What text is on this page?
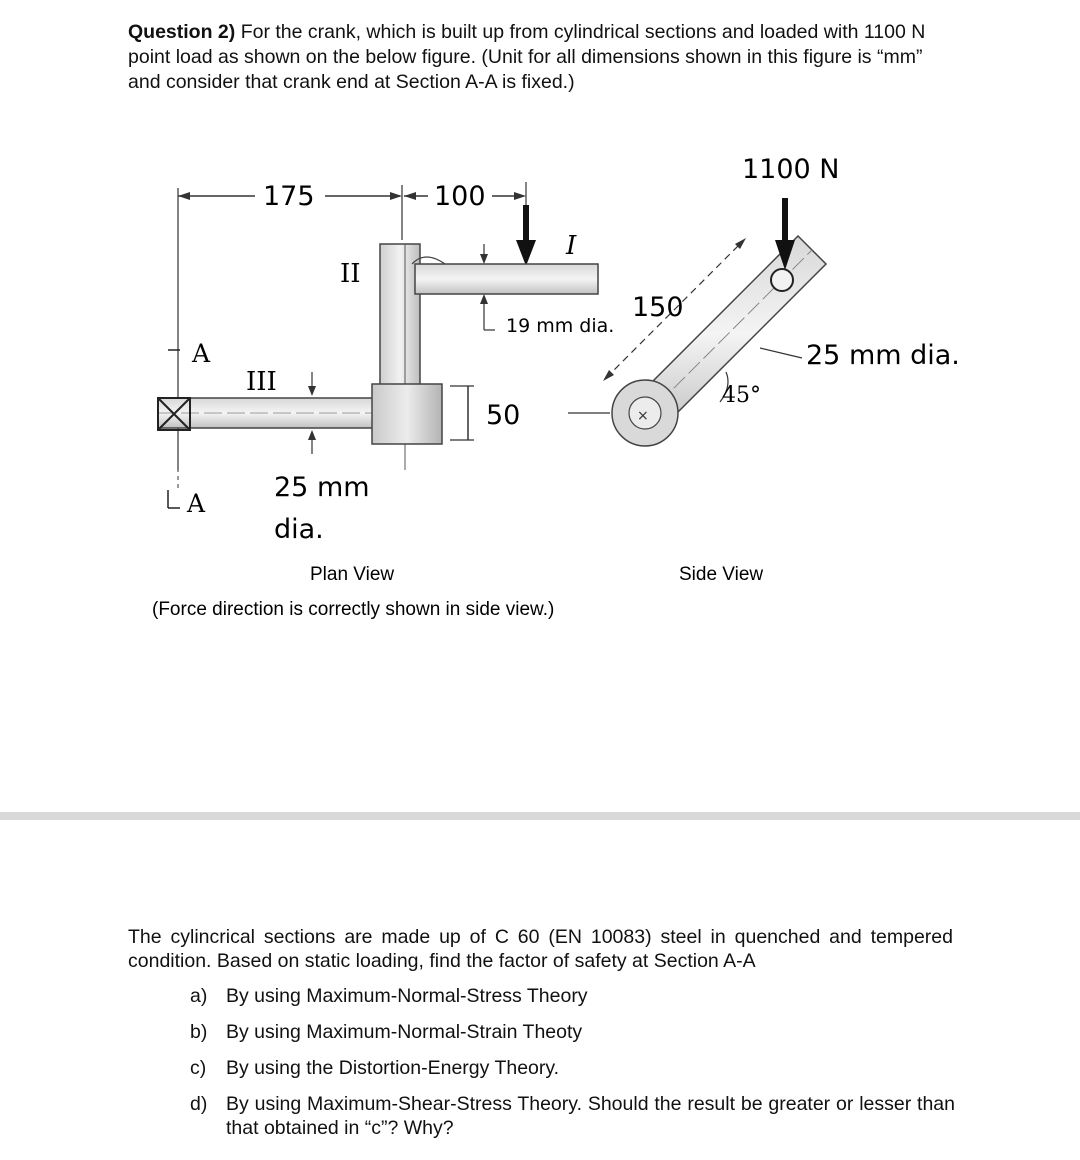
Question 2) For the crank, which is built up from cylindrical sections and loaded with 1100 N point load as shown on the below figure. (Unit for all dimensions shown in this figure is “mm” and consider that crank end at Section A-A is fixed.)
175	100
I
II
19 mm dia.
III
50
A
A
25 mm
dia.
Plan View
(Force direction is correctly shown in side view.)
1100 N
×
150
25 mm dia.
45°
Side View
The cylincrical sections are made up of C 60 (EN 10083) steel in quenched and tempered condition. Based on static loading, find the factor of safety at Section A-A
a) By using Maximum-Normal-Stress Theory
b) By using Maximum-Normal-Strain Theoty
c)	By using the Distortion-Energy Theory.
d) By using Maximum-Shear-Stress Theory. Should the result be greater or lesser than that obtained in “c”? Why?
